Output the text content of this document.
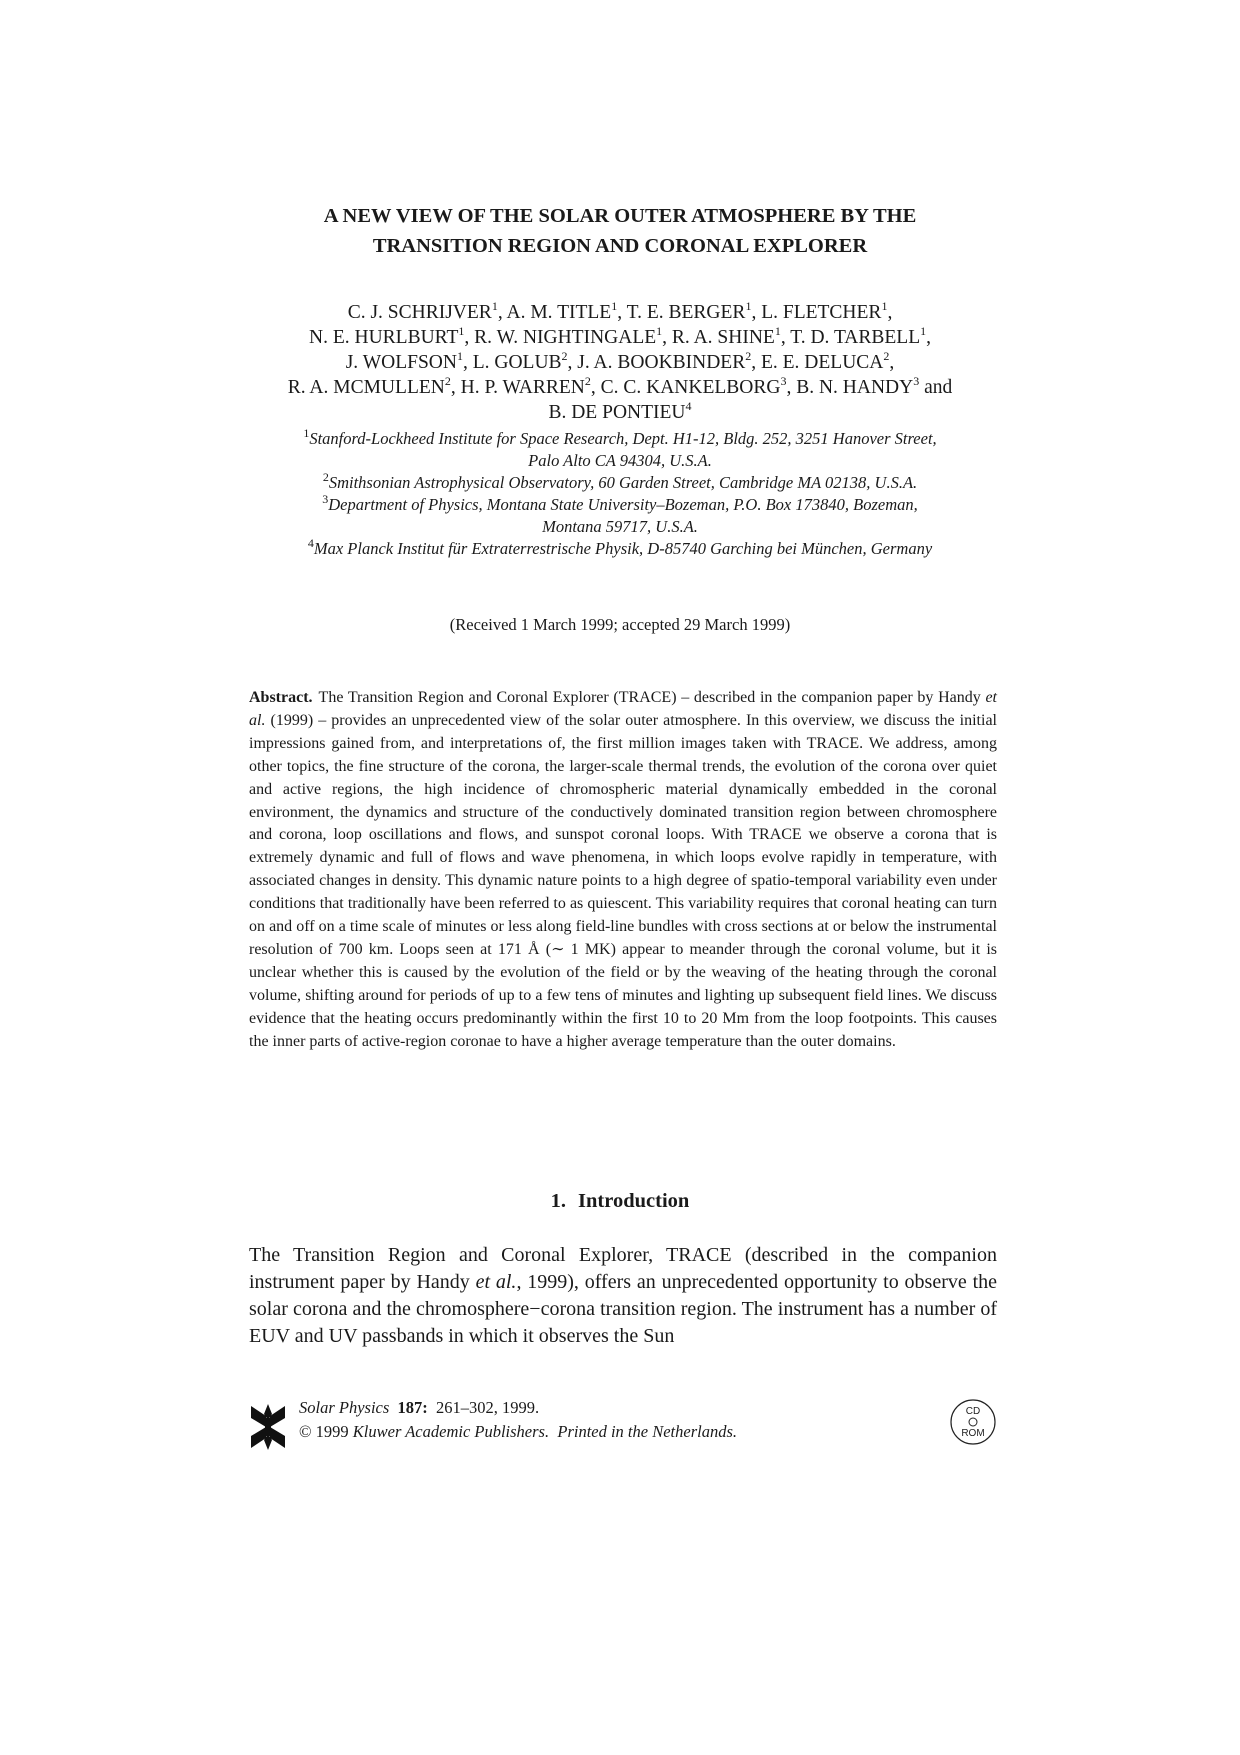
A NEW VIEW OF THE SOLAR OUTER ATMOSPHERE BY THE
TRANSITION REGION AND CORONAL EXPLORER
C. J. SCHRIJVER$^1$, A. M. TITLE$^1$, T. E. BERGER$^1$, L. FLETCHER$^1$,
N. E. HURLBURT$^1$, R. W. NIGHTINGALE$^1$, R. A. SHINE$^1$, T. D. TARBELL$^1$,
J. WOLFSON$^1$, L. GOLUB$^2$, J. A. BOOKBINDER$^2$, E. E. DELUCA$^2$,
R. A. MCMULLEN$^2$, H. P. WARREN$^2$, C. C. KANKELBORG$^3$, B. N. HANDY$^3$ and
B. DE PONTIEU$^4$
$^1$Stanford-Lockheed Institute for Space Research, Dept. H1-12, Bldg. 252, 3251 Hanover Street,
Palo Alto CA 94304, U.S.A.
$^2$Smithsonian Astrophysical Observatory, 60 Garden Street, Cambridge MA 02138, U.S.A.
$^3$Department of Physics, Montana State University–Bozeman, P.O. Box 173840, Bozeman,
Montana 59717, U.S.A.
$^4$Max Planck Institut für Extraterrestrische Physik, D-85740 Garching bei München, Germany
(Received 1 March 1999; accepted 29 March 1999)
Abstract. The Transition Region and Coronal Explorer (TRACE) – described in the companion paper by Handy et al. (1999) – provides an unprecedented view of the solar outer atmosphere. In this overview, we discuss the initial impressions gained from, and interpretations of, the first million images taken with TRACE. We address, among other topics, the fine structure of the corona, the larger-scale thermal trends, the evolution of the corona over quiet and active regions, the high incidence of chromospheric material dynamically embedded in the coronal environment, the dynamics and structure of the conductively dominated transition region between chromosphere and corona, loop oscillations and flows, and sunspot coronal loops. With TRACE we observe a corona that is extremely dynamic and full of flows and wave phenomena, in which loops evolve rapidly in temperature, with associated changes in density. This dynamic nature points to a high degree of spatio-temporal variability even under conditions that traditionally have been referred to as quiescent. This variability requires that coronal heating can turn on and off on a time scale of minutes or less along field-line bundles with cross sections at or below the instrumental resolution of 700 km. Loops seen at 171 Å (∼ 1 MK) appear to meander through the coronal volume, but it is unclear whether this is caused by the evolution of the field or by the weaving of the heating through the coronal volume, shifting around for periods of up to a few tens of minutes and lighting up subsequent field lines. We discuss evidence that the heating occurs predominantly within the first 10 to 20 Mm from the loop footpoints. This causes the inner parts of active-region coronae to have a higher average temperature than the outer domains.
1. Introduction
The Transition Region and Coronal Explorer, TRACE (described in the companion instrument paper by Handy et al., 1999), offers an unprecedented opportunity to observe the solar corona and the chromosphere−corona transition region. The instrument has a number of EUV and UV passbands in which it observes the Sun
Solar Physics 187: 261–302, 1999.
© 1999 Kluwer Academic Publishers. Printed in the Netherlands.
CD
ROM
